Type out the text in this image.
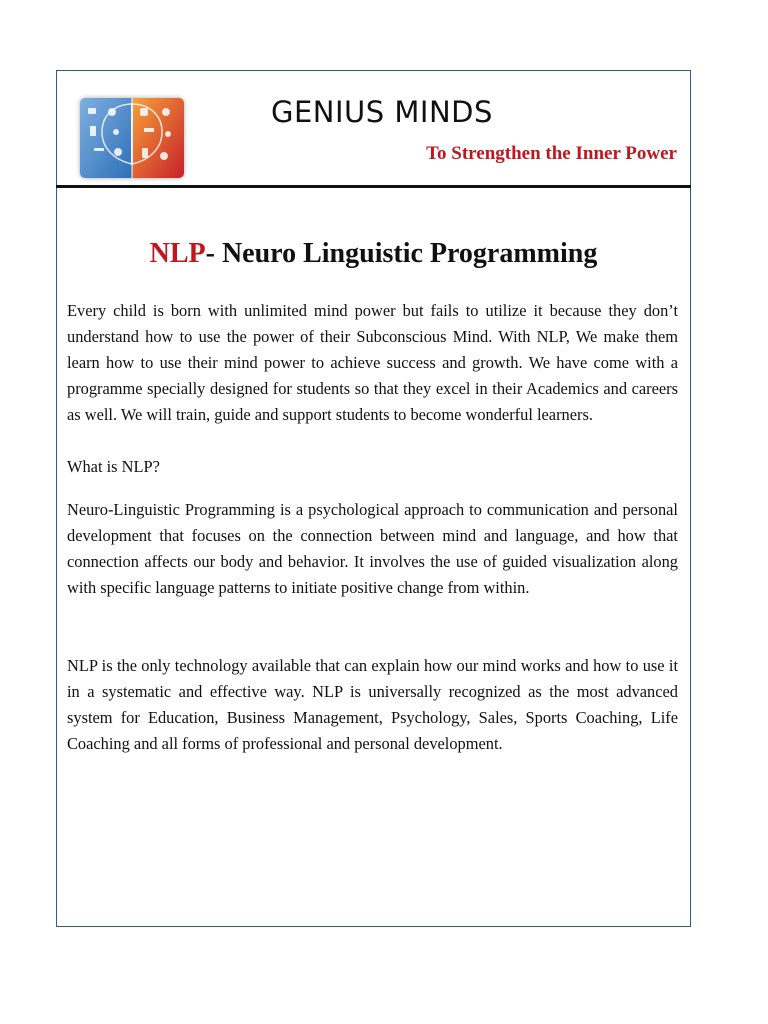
GENIUS MINDS
To Strengthen the Inner Power
NLP- Neuro Linguistic Programming

Every child is born with unlimited mind power but fails to utilize it because they don’t understand how to use the power of their Subconscious Mind. With NLP, We make them learn how to use their mind power to achieve success and growth. We have come with a programme specially designed for students so that they excel in their Academics and careers as well. We will train, guide and support students to become wonderful learners.

What is NLP?

Neuro-Linguistic Programming is a psychological approach to communication and personal development that focuses on the connection between mind and language, and how that connection affects our body and behavior. It involves the use of guided visualization along with specific language patterns to initiate positive change from within.

NLP is the only technology available that can explain how our mind works and how to use it in a systematic and effective way. NLP is universally recognized as the most advanced system for Education, Business Management, Psychology, Sales, Sports Coaching, Life Coaching and all forms of professional and personal development.
